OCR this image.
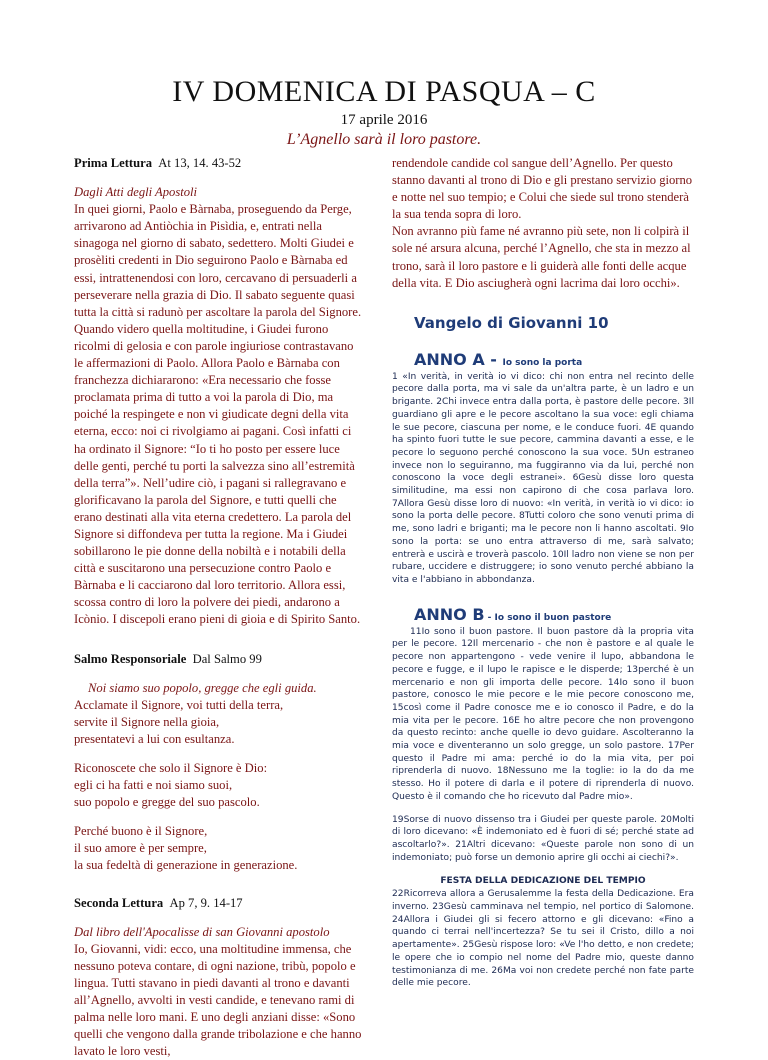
IV DOMENICA DI PASQUA – C
17 aprile 2016
L’Agnello sarà il loro pastore.

Prima Lettura At 13, 14. 43-52

Dagli Atti degli Apostoli

In quei giorni, Paolo e Bàrnaba, proseguendo da Perge, arrivarono ad Antiòchia in Pisìdia, e, entrati nella sinagoga nel giorno di sabato, sedettero. Molti Giudei e prosèliti credenti in Dio seguirono Paolo e Bàrnaba ed essi, intrattenendosi con loro, cercavano di persuaderli a perseverare nella grazia di Dio. Il sabato seguente quasi tutta la città si radunò per ascoltare la parola del Signore. Quando videro quella moltitudine, i Giudei furono ricolmi di gelosia e con parole ingiuriose contrastavano le affermazioni di Paolo. Allora Paolo e Bàrnaba con franchezza dichiararono: «Era necessario che fosse proclamata prima di tutto a voi la parola di Dio, ma poiché la respingete e non vi giudicate degni della vita eterna, ecco: noi ci rivolgiamo ai pagani. Così infatti ci ha ordinato il Signore: “Io ti ho posto per essere luce delle genti, perché tu porti la salvezza sino all’estremità della terra”». Nell’udire ciò, i pagani si rallegravano e glorificavano la parola del Signore, e tutti quelli che erano destinati alla vita eterna credettero. La parola del Signore si diffondeva per tutta la regione. Ma i Giudei sobillarono le pie donne della nobiltà e i notabili della città e suscitarono una persecuzione contro Paolo e Bàrnaba e li cacciarono dal loro territorio. Allora essi, scossa contro di loro la polvere dei piedi, andarono a Icònio. I discepoli erano pieni di gioia e di Spirito Santo.

Salmo Responsoriale Dal Salmo 99

Noi siamo suo popolo, gregge che egli guida.

Acclamate il Signore, voi tutti della terra,

servite il Signore nella gioia,

presentatevi a lui con esultanza.

Riconoscete che solo il Signore è Dio:

egli ci ha fatti e noi siamo suoi,

suo popolo e gregge del suo pascolo.

Perché buono è il Signore,

il suo amore è per sempre,

la sua fedeltà di generazione in generazione.

Seconda Lettura Ap 7, 9. 14-17

Dal libro dell'Apocalisse di san Giovanni apostolo

Io, Giovanni, vidi: ecco, una moltitudine immensa, che nessuno poteva contare, di ogni nazione, tribù, popolo e lingua. Tutti stavano in piedi davanti al trono e davanti all’Agnello, avvolti in vesti candide, e tenevano rami di palma nelle loro mani. E uno degli anziani disse: «Sono quelli che vengono dalla grande tribolazione e che hanno lavato le loro vesti,

rendendole candide col sangue dell’Agnello. Per questo stanno davanti al trono di Dio e gli prestano servizio giorno e notte nel suo tempio; e Colui che siede sul trono stenderà la sua tenda sopra di loro.

Non avranno più fame né avranno più sete, non li colpirà il sole né arsura alcuna, perché l’Agnello, che sta in mezzo al trono, sarà il loro pastore e li guiderà alle fonti delle acque della vita. E Dio asciugherà ogni lacrima dai loro occhi».

Vangelo di Giovanni 10
ANNO A - Io sono la porta

1 «In verità, in verità io vi dico: chi non entra nel recinto delle pecore dalla porta, ma vi sale da un'altra parte, è un ladro e un brigante. 2Chi invece entra dalla porta, è pastore delle pecore. 3Il guardiano gli apre e le pecore ascoltano la sua voce: egli chiama le sue pecore, ciascuna per nome, e le conduce fuori. 4E quando ha spinto fuori tutte le sue pecore, cammina davanti a esse, e le pecore lo seguono perché conoscono la sua voce. 5Un estraneo invece non lo seguiranno, ma fuggiranno via da lui, perché non conoscono la voce degli estranei». 6Gesù disse loro questa similitudine, ma essi non capirono di che cosa parlava loro. 7Allora Gesù disse loro di nuovo: «In verità, in verità io vi dico: io sono la porta delle pecore. 8Tutti coloro che sono venuti prima di me, sono ladri e briganti; ma le pecore non li hanno ascoltati. 9Io sono la porta: se uno entra attraverso di me, sarà salvato; entrerà e uscirà e troverà pascolo. 10Il ladro non viene se non per rubare, uccidere e distruggere; io sono venuto perché abbiano la vita e l'abbiano in abbondanza.

ANNO B - Io sono il buon pastore

11Io sono il buon pastore. Il buon pastore dà la propria vita per le pecore. 12Il mercenario - che non è pastore e al quale le pecore non appartengono - vede venire il lupo, abbandona le pecore e fugge, e il lupo le rapisce e le disperde; 13perché è un mercenario e non gli importa delle pecore. 14Io sono il buon pastore, conosco le mie pecore e le mie pecore conoscono me, 15così come il Padre conosce me e io conosco il Padre, e do la mia vita per le pecore. 16E ho altre pecore che non provengono da questo recinto: anche quelle io devo guidare. Ascolteranno la mia voce e diventeranno un solo gregge, un solo pastore. 17Per questo il Padre mi ama: perché io do la mia vita, per poi riprenderla di nuovo. 18Nessuno me la toglie: io la do da me stesso. Ho il potere di darla e il potere di riprenderla di nuovo. Questo è il comando che ho ricevuto dal Padre mio».

19Sorse di nuovo dissenso tra i Giudei per queste parole. 20Molti di loro dicevano: «È indemoniato ed è fuori di sé; perché state ad ascoltarlo?». 21Altri dicevano: «Queste parole non sono di un indemoniato; può forse un demonio aprire gli occhi ai ciechi?».

FESTA DELLA DEDICAZIONE DEL TEMPIO

22Ricorreva allora a Gerusalemme la festa della Dedicazione. Era inverno. 23Gesù camminava nel tempio, nel portico di Salomone. 24Allora i Giudei gli si fecero attorno e gli dicevano: «Fino a quando ci terrai nell'incertezza? Se tu sei il Cristo, dillo a noi apertamente». 25Gesù rispose loro: «Ve l'ho detto, e non credete; le opere che io compio nel nome del Padre mio, queste danno testimonianza di me. 26Ma voi non credete perché non fate parte delle mie pecore.
